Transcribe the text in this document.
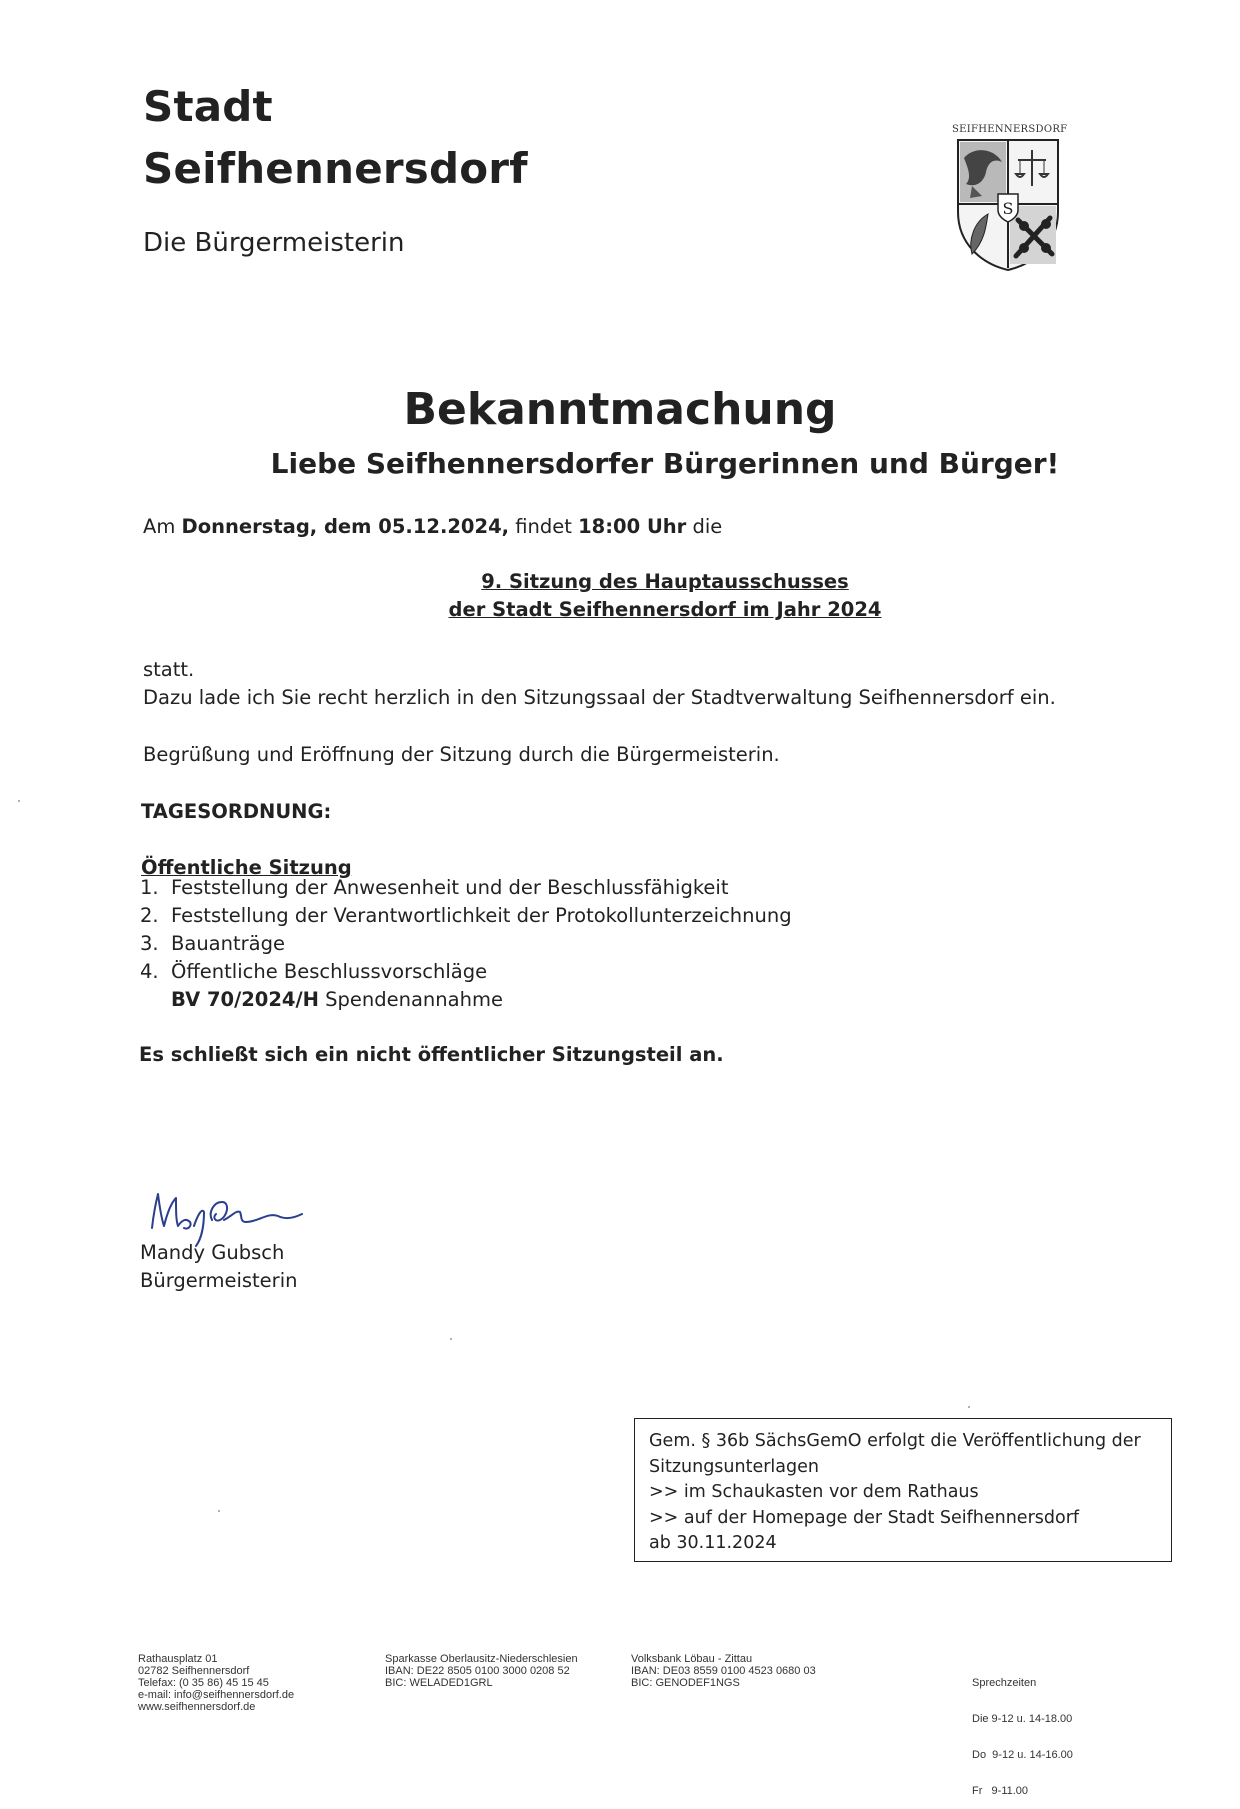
Stadt
Seifhennersdorf
Die Bürgermeisterin
SEIFHENNERSDORF
S
Bekanntmachung
Liebe Seifhennersdorfer Bürgerinnen und Bürger!
Am Donnerstag, dem 05.12.2024, findet 18:00 Uhr die
9. Sitzung des Hauptausschusses
der Stadt Seifhennersdorf im Jahr 2024
statt.
Dazu lade ich Sie recht herzlich in den Sitzungssaal der Stadtverwaltung Seifhennersdorf ein.
Begrüßung und Eröffnung der Sitzung durch die Bürgermeisterin.
TAGESORDNUNG:
Öffentliche Sitzung
1. Feststellung der Anwesenheit und der Beschlussfähigkeit
2. Feststellung der Verantwortlichkeit der Protokollunterzeichnung
3. Bauanträge
4. Öffentliche Beschlussvorschläge
BV 70/2024/H Spendenannahme
Es schließt sich ein nicht öffentlicher Sitzungsteil an.
Mandy Gubsch
Bürgermeisterin
Gem. § 36b SächsGemO erfolgt die Veröffentlichung der
Sitzungsunterlagen
>> im Schaukasten vor dem Rathaus
>> auf der Homepage der Stadt Seifhennersdorf
ab 30.11.2024
Rathausplatz 01
02782 Seifhennersdorf
Telefax: (0 35 86) 45 15 45
e-mail: info@seifhennersdorf.de
www.seifhennersdorf.de
Sparkasse Oberlausitz-Niederschlesien
IBAN: DE22 8505 0100 3000 0208 52
BIC: WELADED1GRL
Volksbank Löbau - Zittau
IBAN: DE03 8559 0100 4523 0680 03
BIC: GENODEF1NGS

	Sprechzeiten

Die 9-12 u. 14-18.00

Do  9-12 u. 14-16.00

Fr   9-11.00
